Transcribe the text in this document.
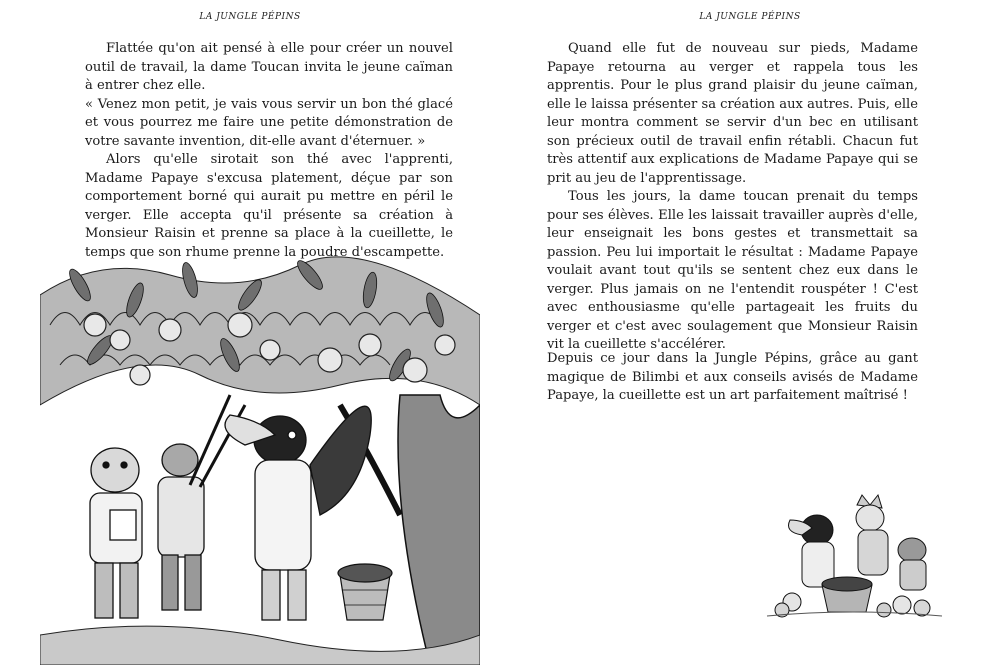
LA JUNGLE PÉPINS

Flattée qu'on ait pensé à elle pour créer un nouvel outil de travail, la dame Toucan invita le jeune caïman à entrer chez elle.

« Venez mon petit, je vais vous servir un bon thé glacé et vous pourrez me faire une petite démonstration de votre savante invention, dit-elle avant d'éternuer. »

Alors qu'elle sirotait son thé avec l'apprenti, Madame Papaye s'excusa platement, déçue par son comportement borné qui aurait pu mettre en péril le verger. Elle accepta qu'il présente sa création à Monsieur Raisin et prenne sa place à la cueillette, le temps que son rhume prenne la poudre d'escampette.

LA JUNGLE PÉPINS

Quand elle fut de nouveau sur pieds, Madame Papaye retourna au verger et rappela tous les apprentis. Pour le plus grand plaisir du jeune caïman, elle le laissa présenter sa création aux autres. Puis, elle leur montra comment se servir d'un bec en utilisant son précieux outil de travail enfin rétabli. Chacun fut très attentif aux explications de Madame Papaye qui se prit au jeu de l'apprentissage.

Tous les jours, la dame toucan prenait du temps pour ses élèves. Elle les laissait travailler auprès d'elle, leur enseignait les bons gestes et transmettait sa passion. Peu lui importait le résultat : Madame Papaye voulait avant tout qu'ils se sentent chez eux dans le verger. Plus jamais on ne l'entendit rouspéter ! C'est avec enthousiasme qu'elle partageait les fruits du verger et c'est avec soulagement que Monsieur Raisin vit la cueillette s'accélérer.

Depuis ce jour dans la Jungle Pépins, grâce au gant magique de Bilimbi et aux conseils avisés de Madame Papaye, la cueillette est un art parfaitement maîtrisé !
